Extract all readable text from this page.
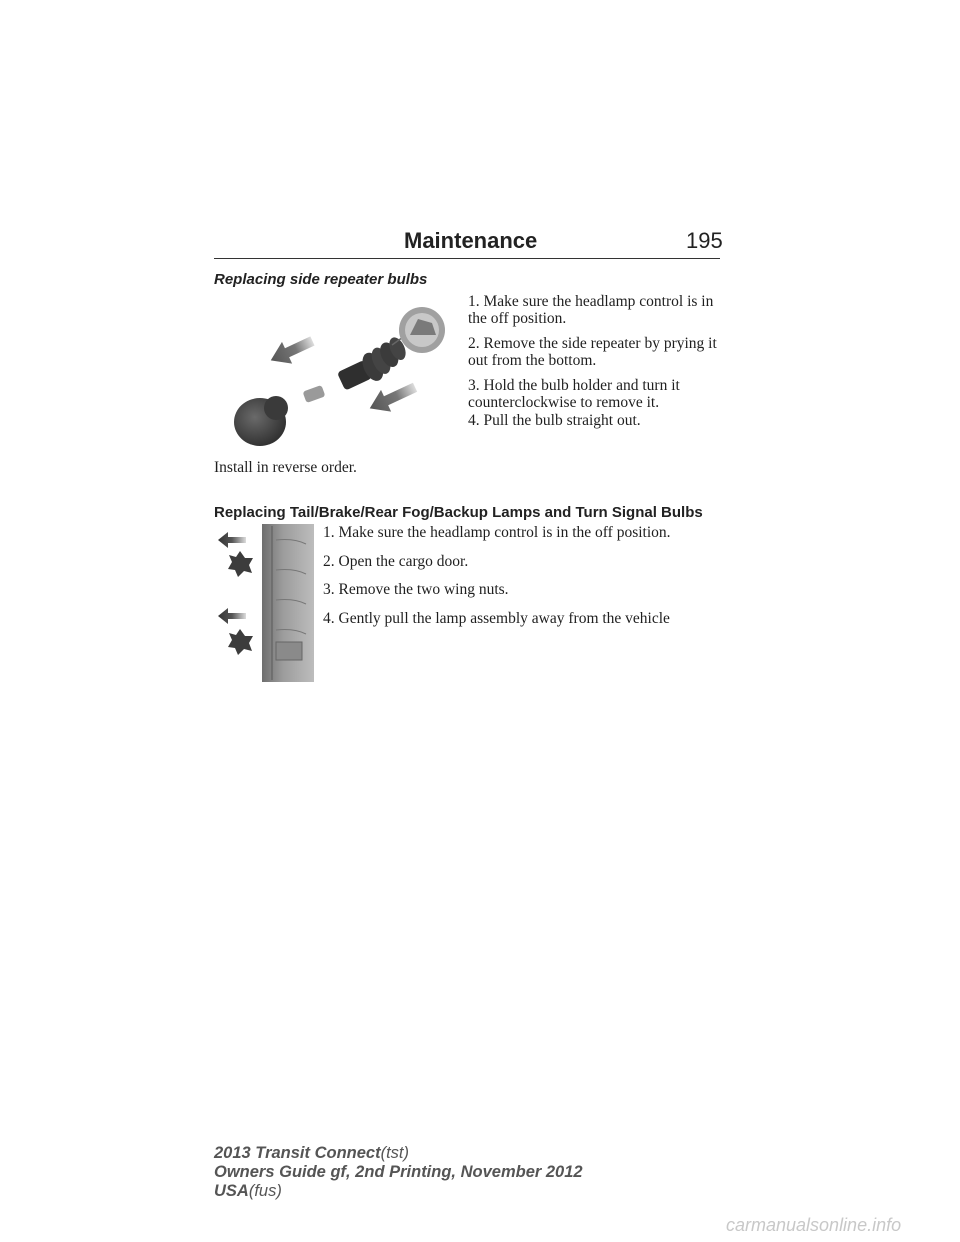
Maintenance	195
Replacing side repeater bulbs
1. Make sure the headlamp control is in the off position.
2. Remove the side repeater by prying it out from the bottom.
3. Hold the bulb holder and turn it counterclockwise to remove it.
4. Pull the bulb straight out.
Install in reverse order.
Replacing Tail/Brake/Rear Fog/Backup Lamps and Turn Signal Bulbs
1. Make sure the headlamp control is in the off position.
2. Open the cargo door.
3. Remove the two wing nuts.
4. Gently pull the lamp assembly away from the vehicle
2013 Transit Connect(tst)
Owners Guide gf, 2nd Printing, November 2012
USA(fus)
carmanualsonline.info
